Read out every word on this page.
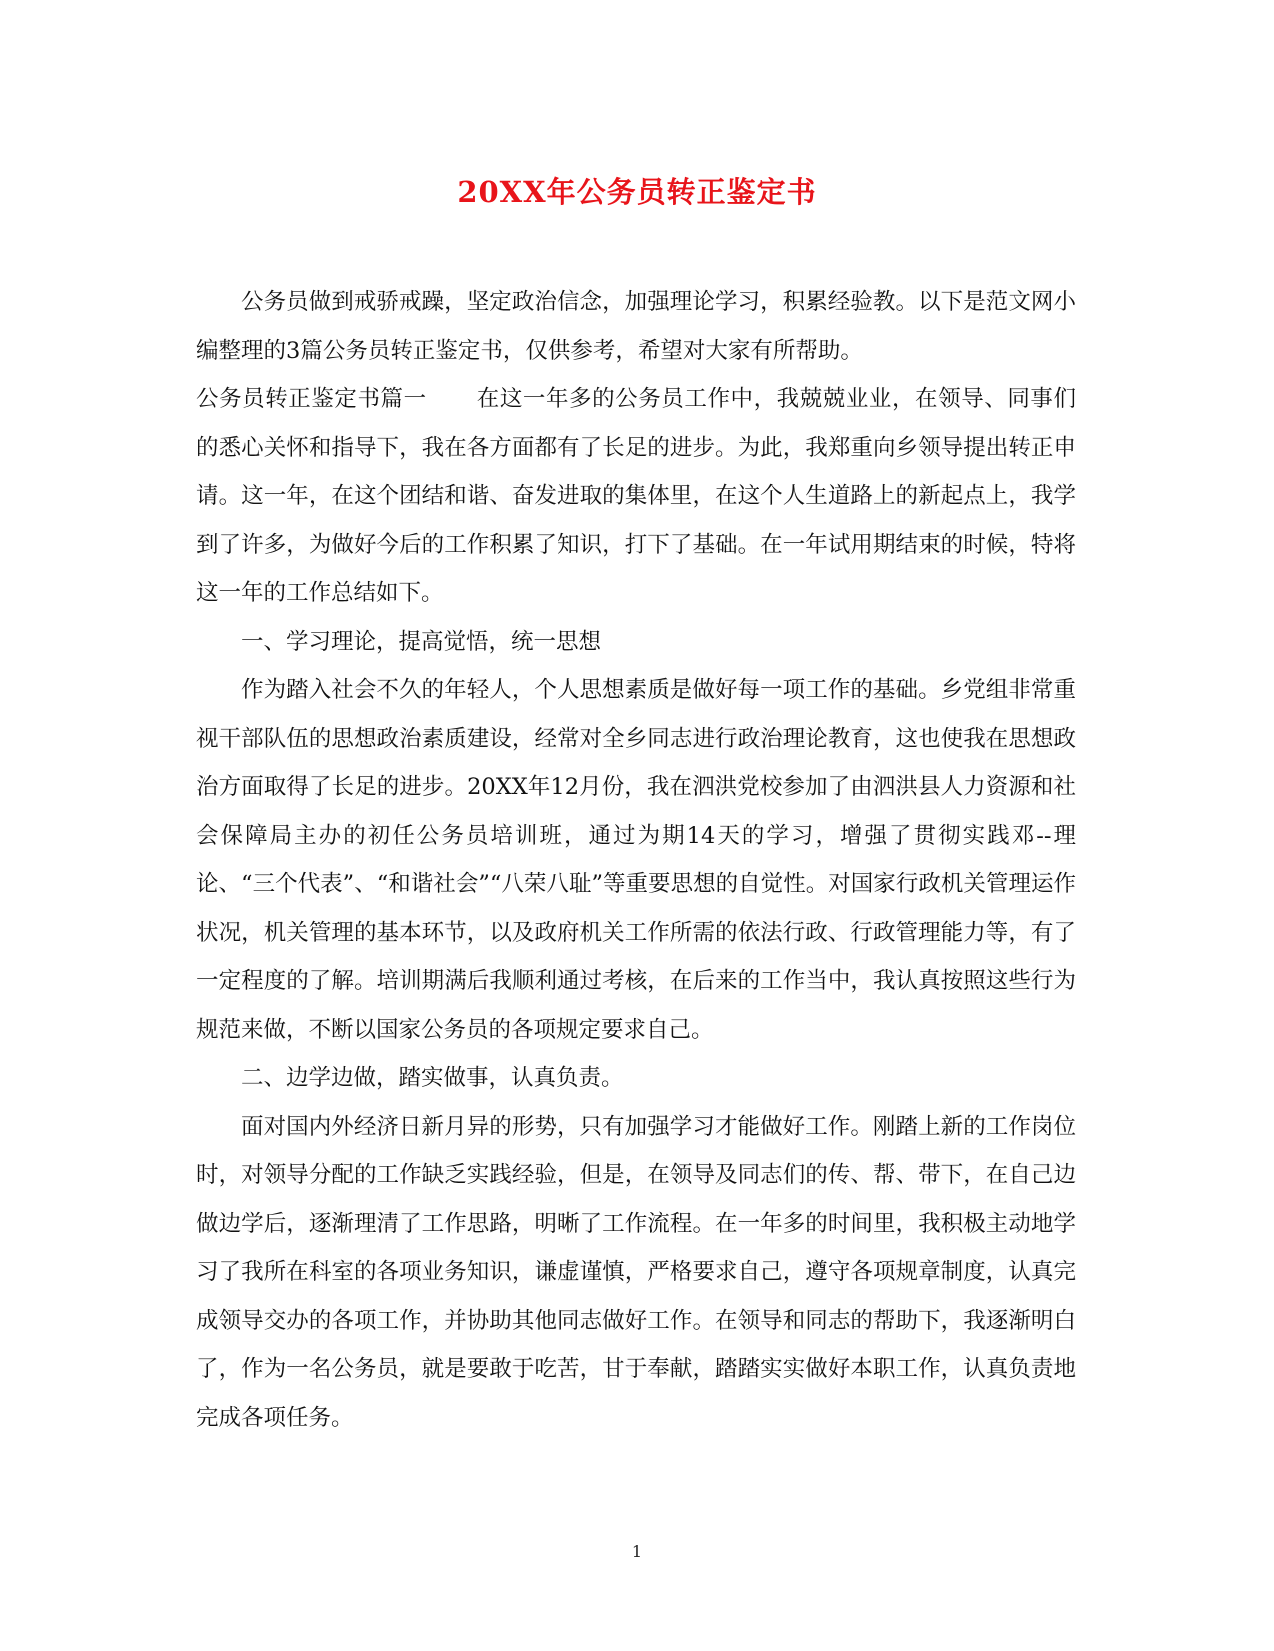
20XX年公务员转正鉴定书

公务员做到戒骄戒躁，坚定政治信念，加强理论学习，积累经验教。以下是范文网小编整理的3篇公务员转正鉴定书，仅供参考，希望对大家有所帮助。

公务员转正鉴定书篇一 在这一年多的公务员工作中，我兢兢业业，在领导、同事们的悉心关怀和指导下，我在各方面都有了长足的进步。为此，我郑重向乡领导提出转正申请。这一年，在这个团结和谐、奋发进取的集体里，在这个人生道路上的新起点上，我学到了许多，为做好今后的工作积累了知识，打下了基础。在一年试用期结束的时候，特将这一年的工作总结如下。

一、学习理论，提高觉悟，统一思想

作为踏入社会不久的年轻人，个人思想素质是做好每一项工作的基础。乡党组非常重视干部队伍的思想政治素质建设，经常对全乡同志进行政治理论教育，这也使我在思想政治方面取得了长足的进步。20XX年12月份，我在泗洪党校参加了由泗洪县人力资源和社会保障局主办的初任公务员培训班，通过为期14天的学习，增强了贯彻实践邓--理论、“三个代表”、“和谐社会”“八荣八耻”等重要思想的自觉性。对国家行政机关管理运作状况，机关管理的基本环节，以及政府机关工作所需的依法行政、行政管理能力等，有了一定程度的了解。培训期满后我顺利通过考核，在后来的工作当中，我认真按照这些行为规范来做，不断以国家公务员的各项规定要求自己。

二、边学边做，踏实做事，认真负责。

面对国内外经济日新月异的形势，只有加强学习才能做好工作。刚踏上新的工作岗位时，对领导分配的工作缺乏实践经验，但是，在领导及同志们的传、帮、带下，在自己边做边学后，逐渐理清了工作思路，明晰了工作流程。在一年多的时间里，我积极主动地学习了我所在科室的各项业务知识，谦虚谨慎，严格要求自己，遵守各项规章制度，认真完成领导交办的各项工作，并协助其他同志做好工作。在领导和同志的帮助下，我逐渐明白了，作为一名公务员，就是要敢于吃苦，甘于奉献，踏踏实实做好本职工作，认真负责地完成各项任务。

1
